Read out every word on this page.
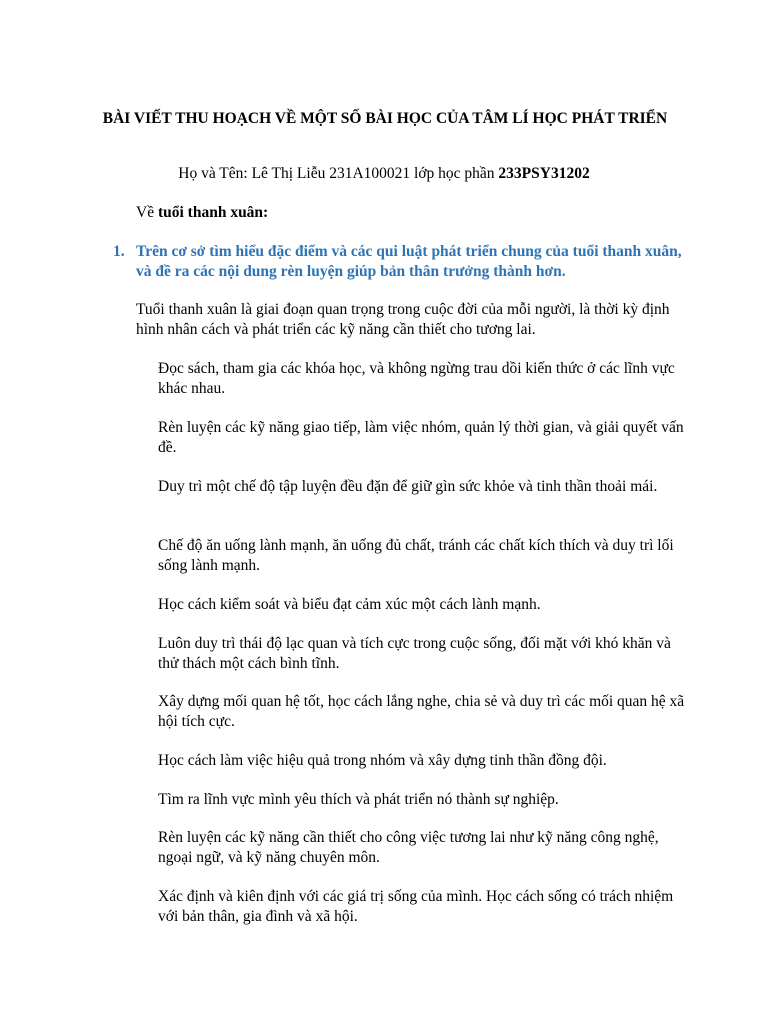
BÀI VIẾT THU HOẠCH VỀ MỘT SỐ BÀI HỌC CỦA TÂM LÍ HỌC PHÁT TRIỂN
Họ và Tên: Lê Thị Liễu 231A100021 lớp học phần 233PSY31202
Về tuổi thanh xuân:
1. Trên cơ sở tìm hiểu đặc điểm và các qui luật phát triển chung của tuổi thanh xuân, và đề ra các nội dung rèn luyện giúp bản thân trưởng thành hơn.
Tuổi thanh xuân là giai đoạn quan trọng trong cuộc đời của mỗi người, là thời kỳ định hình nhân cách và phát triển các kỹ năng cần thiết cho tương lai.
Đọc sách, tham gia các khóa học, và không ngừng trau dồi kiến thức ở các lĩnh vực khác nhau.
Rèn luyện các kỹ năng giao tiếp, làm việc nhóm, quản lý thời gian, và giải quyết vấn đề.
Duy trì một chế độ tập luyện đều đặn để giữ gìn sức khỏe và tinh thần thoải mái.
Chế độ ăn uống lành mạnh, ăn uống đủ chất, tránh các chất kích thích và duy trì lối sống lành mạnh.
Học cách kiểm soát và biểu đạt cảm xúc một cách lành mạnh.
Luôn duy trì thái độ lạc quan và tích cực trong cuộc sống, đối mặt với khó khăn và thử thách một cách bình tĩnh.
Xây dựng mối quan hệ tốt, học cách lắng nghe, chia sẻ và duy trì các mối quan hệ xã hội tích cực.
Học cách làm việc hiệu quả trong nhóm và xây dựng tinh thần đồng đội.
Tìm ra lĩnh vực mình yêu thích và phát triển nó thành sự nghiệp.
Rèn luyện các kỹ năng cần thiết cho công việc tương lai như kỹ năng công nghệ, ngoại ngữ, và kỹ năng chuyên môn.
Xác định và kiên định với các giá trị sống của mình. Học cách sống có trách nhiệm với bản thân, gia đình và xã hội.
